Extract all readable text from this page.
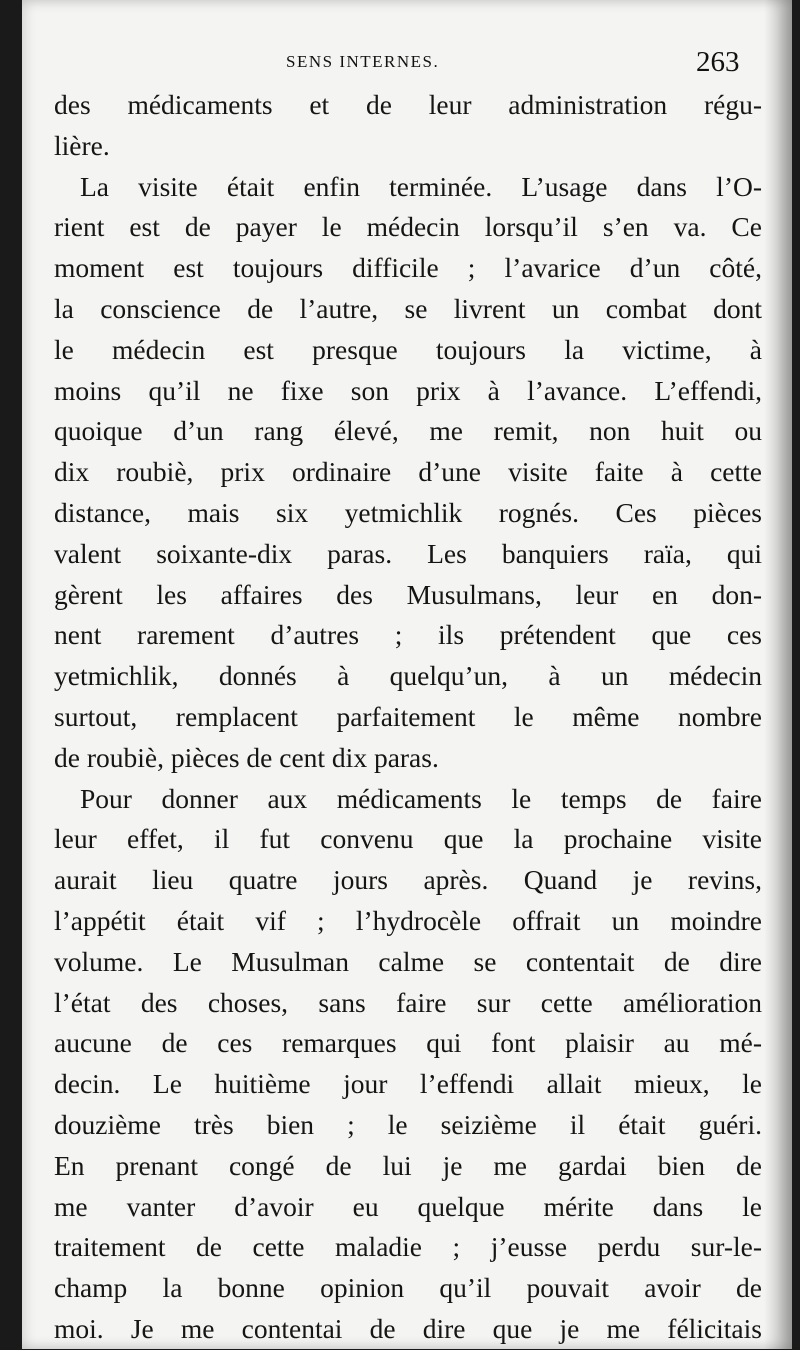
SENS INTERNES.	263
des médicaments et de leur administration régu-
lière.
La visite était enfin terminée. L’usage dans l’O-
rient est de payer le médecin lorsqu’il s’en va. Ce
moment est toujours difficile ; l’avarice d’un côté,
la conscience de l’autre, se livrent un combat dont
le médecin est presque toujours la victime, à
moins qu’il ne fixe son prix à l’avance. L’effendi,
quoique d’un rang élevé, me remit, non huit ou
dix roubiè, prix ordinaire d’une visite faite à cette
distance, mais six yetmichlik rognés. Ces pièces
valent soixante-dix paras. Les banquiers raïa, qui
gèrent les affaires des Musulmans, leur en don-
nent rarement d’autres ; ils prétendent que ces
yetmichlik, donnés à quelqu’un, à un médecin
surtout, remplacent parfaitement le même nombre
de roubiè, pièces de cent dix paras.
Pour donner aux médicaments le temps de faire
leur effet, il fut convenu que la prochaine visite
aurait lieu quatre jours après. Quand je revins,
l’appétit était vif ; l’hydrocèle offrait un moindre
volume. Le Musulman calme se contentait de dire
l’état des choses, sans faire sur cette amélioration
aucune de ces remarques qui font plaisir au mé-
decin. Le huitième jour l’effendi allait mieux, le
douzième très bien ; le seizième il était guéri.
En prenant congé de lui je me gardai bien de
me vanter d’avoir eu quelque mérite dans le
traitement de cette maladie ; j’eusse perdu sur-le-
champ la bonne opinion qu’il pouvait avoir de
moi. Je me contentai de dire que je me félicitais
